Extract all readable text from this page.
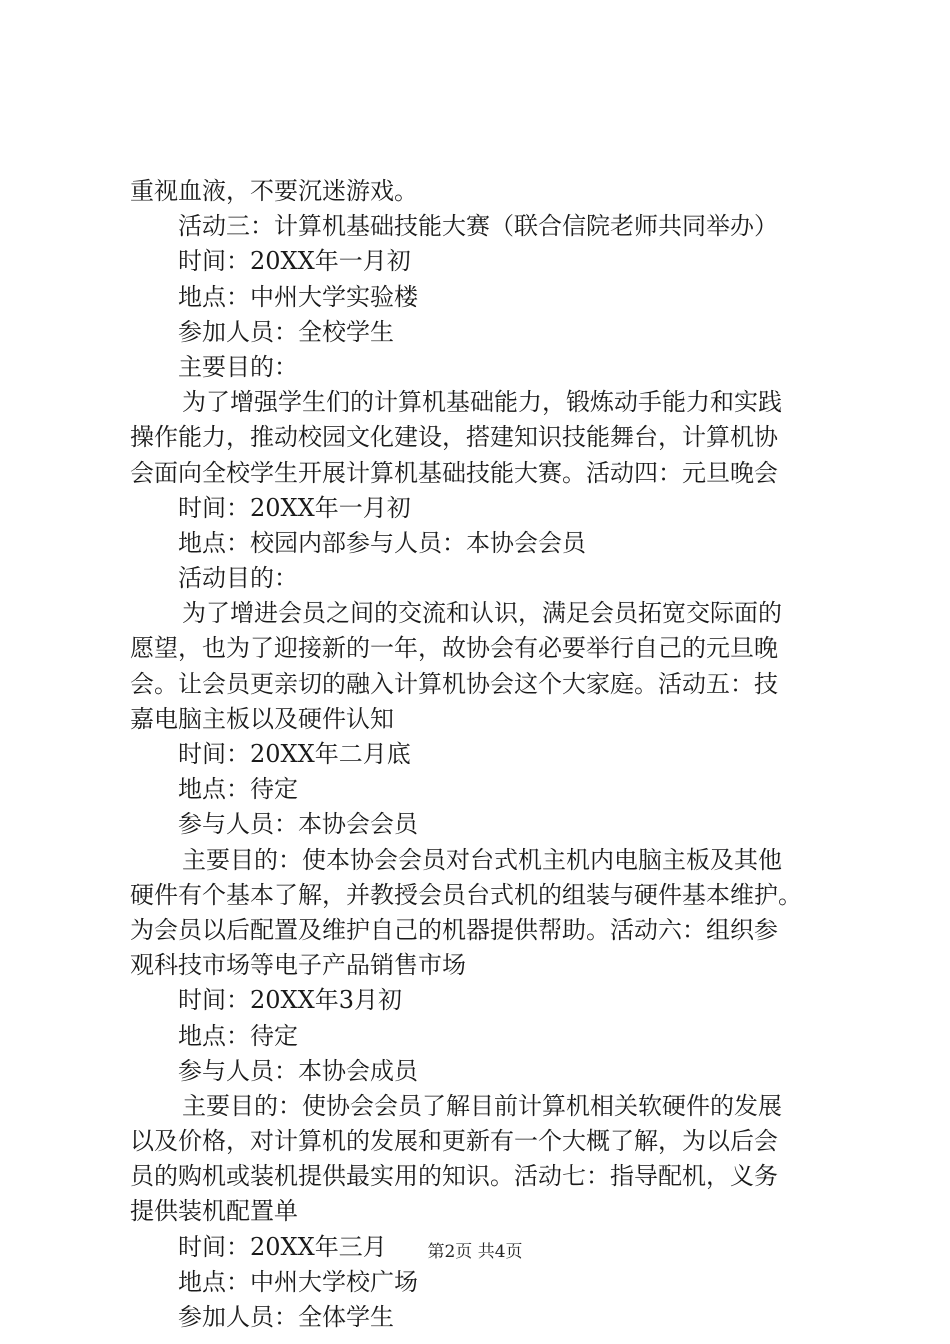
重视血液，不要沉迷游戏。
活动三：计算机基础技能大赛（联合信院老师共同举办）
时间：20XX年一月初
地点：中州大学实验楼
参加人员：全校学生
主要目的：
为了增强学生们的计算机基础能力，锻炼动手能力和实践
操作能力，推动校园文化建设，搭建知识技能舞台，计算机协
会面向全校学生开展计算机基础技能大赛。活动四：元旦晚会
时间：20XX年一月初
地点：校园内部参与人员：本协会会员
活动目的：
为了增进会员之间的交流和认识，满足会员拓宽交际面的
愿望，也为了迎接新的一年，故协会有必要举行自己的元旦晚
会。让会员更亲切的融入计算机协会这个大家庭。活动五：技
嘉电脑主板以及硬件认知
时间：20XX年二月底
地点：待定
参与人员：本协会会员
主要目的：使本协会会员对台式机主机内电脑主板及其他
硬件有个基本了解，并教授会员台式机的组装与硬件基本维护。
为会员以后配置及维护自己的机器提供帮助。活动六：组织参
观科技市场等电子产品销售市场
时间：20XX年3月初
地点：待定
参与人员：本协会成员
主要目的：使协会会员了解目前计算机相关软硬件的发展
以及价格，对计算机的发展和更新有一个大概了解，为以后会
员的购机或装机提供最实用的知识。活动七：指导配机，义务
提供装机配置单
时间：20XX年三月
地点：中州大学校广场
参加人员：全体学生
第2页 共4页
